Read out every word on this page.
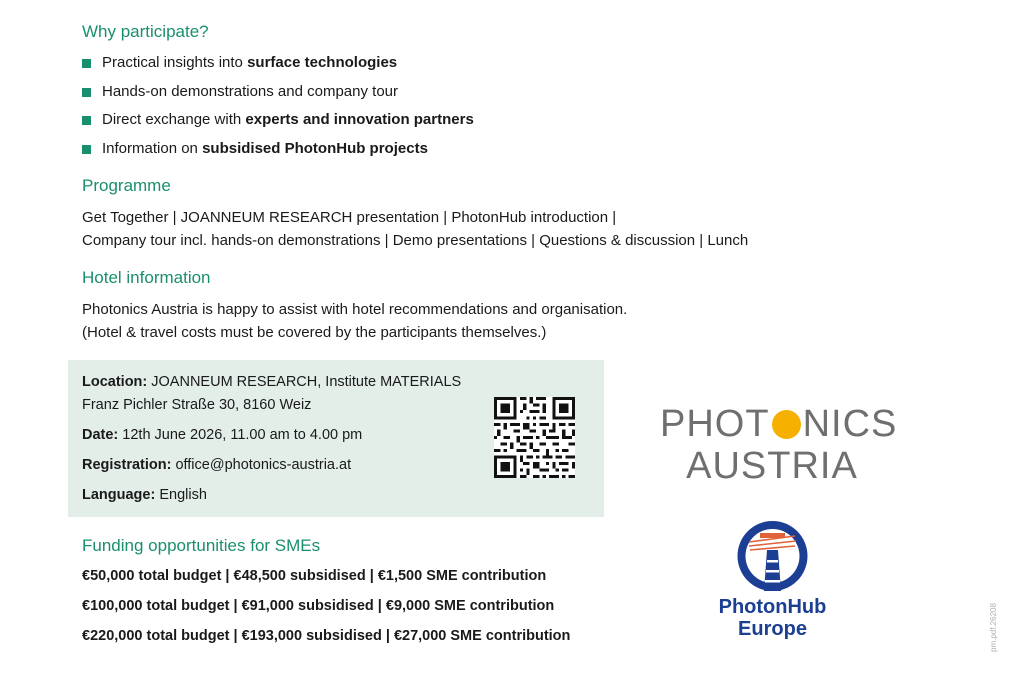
Why participate?
Practical insights into surface technologies
Hands-on demonstrations and company tour
Direct exchange with experts and innovation partners
Information on subsidised PhotonHub projects
Programme

Get Together | JOANNEUM RESEARCH presentation | PhotonHub introduction |
Company tour incl. hands-on demonstrations | Demo presentations | Questions & discussion | Lunch

Hotel information

Photonics Austria is happy to assist with hotel recommendations and organisation.
(Hotel & travel costs must be covered by the participants themselves.)

Location: JOANNEUM RESEARCH, Institute MATERIALS
Franz Pichler Straße 30, 8160 Weiz
Date: 12th June 2026, 11.00 am to 4.00 pm
Registration: office@photonics-austria.at
Language: English
Funding opportunities for SMEs
€50,000 total budget | €48,500 subsidised | €1,500 SME contribution
€100,000 total budget | €91,000 subsidised | €9,000 SME contribution
€220,000 total budget | €193,000 subsidised | €27,000 SME contribution
PHOT NICS
AUSTRIA
PhotonHub
Europe	pm.pdf.26208
